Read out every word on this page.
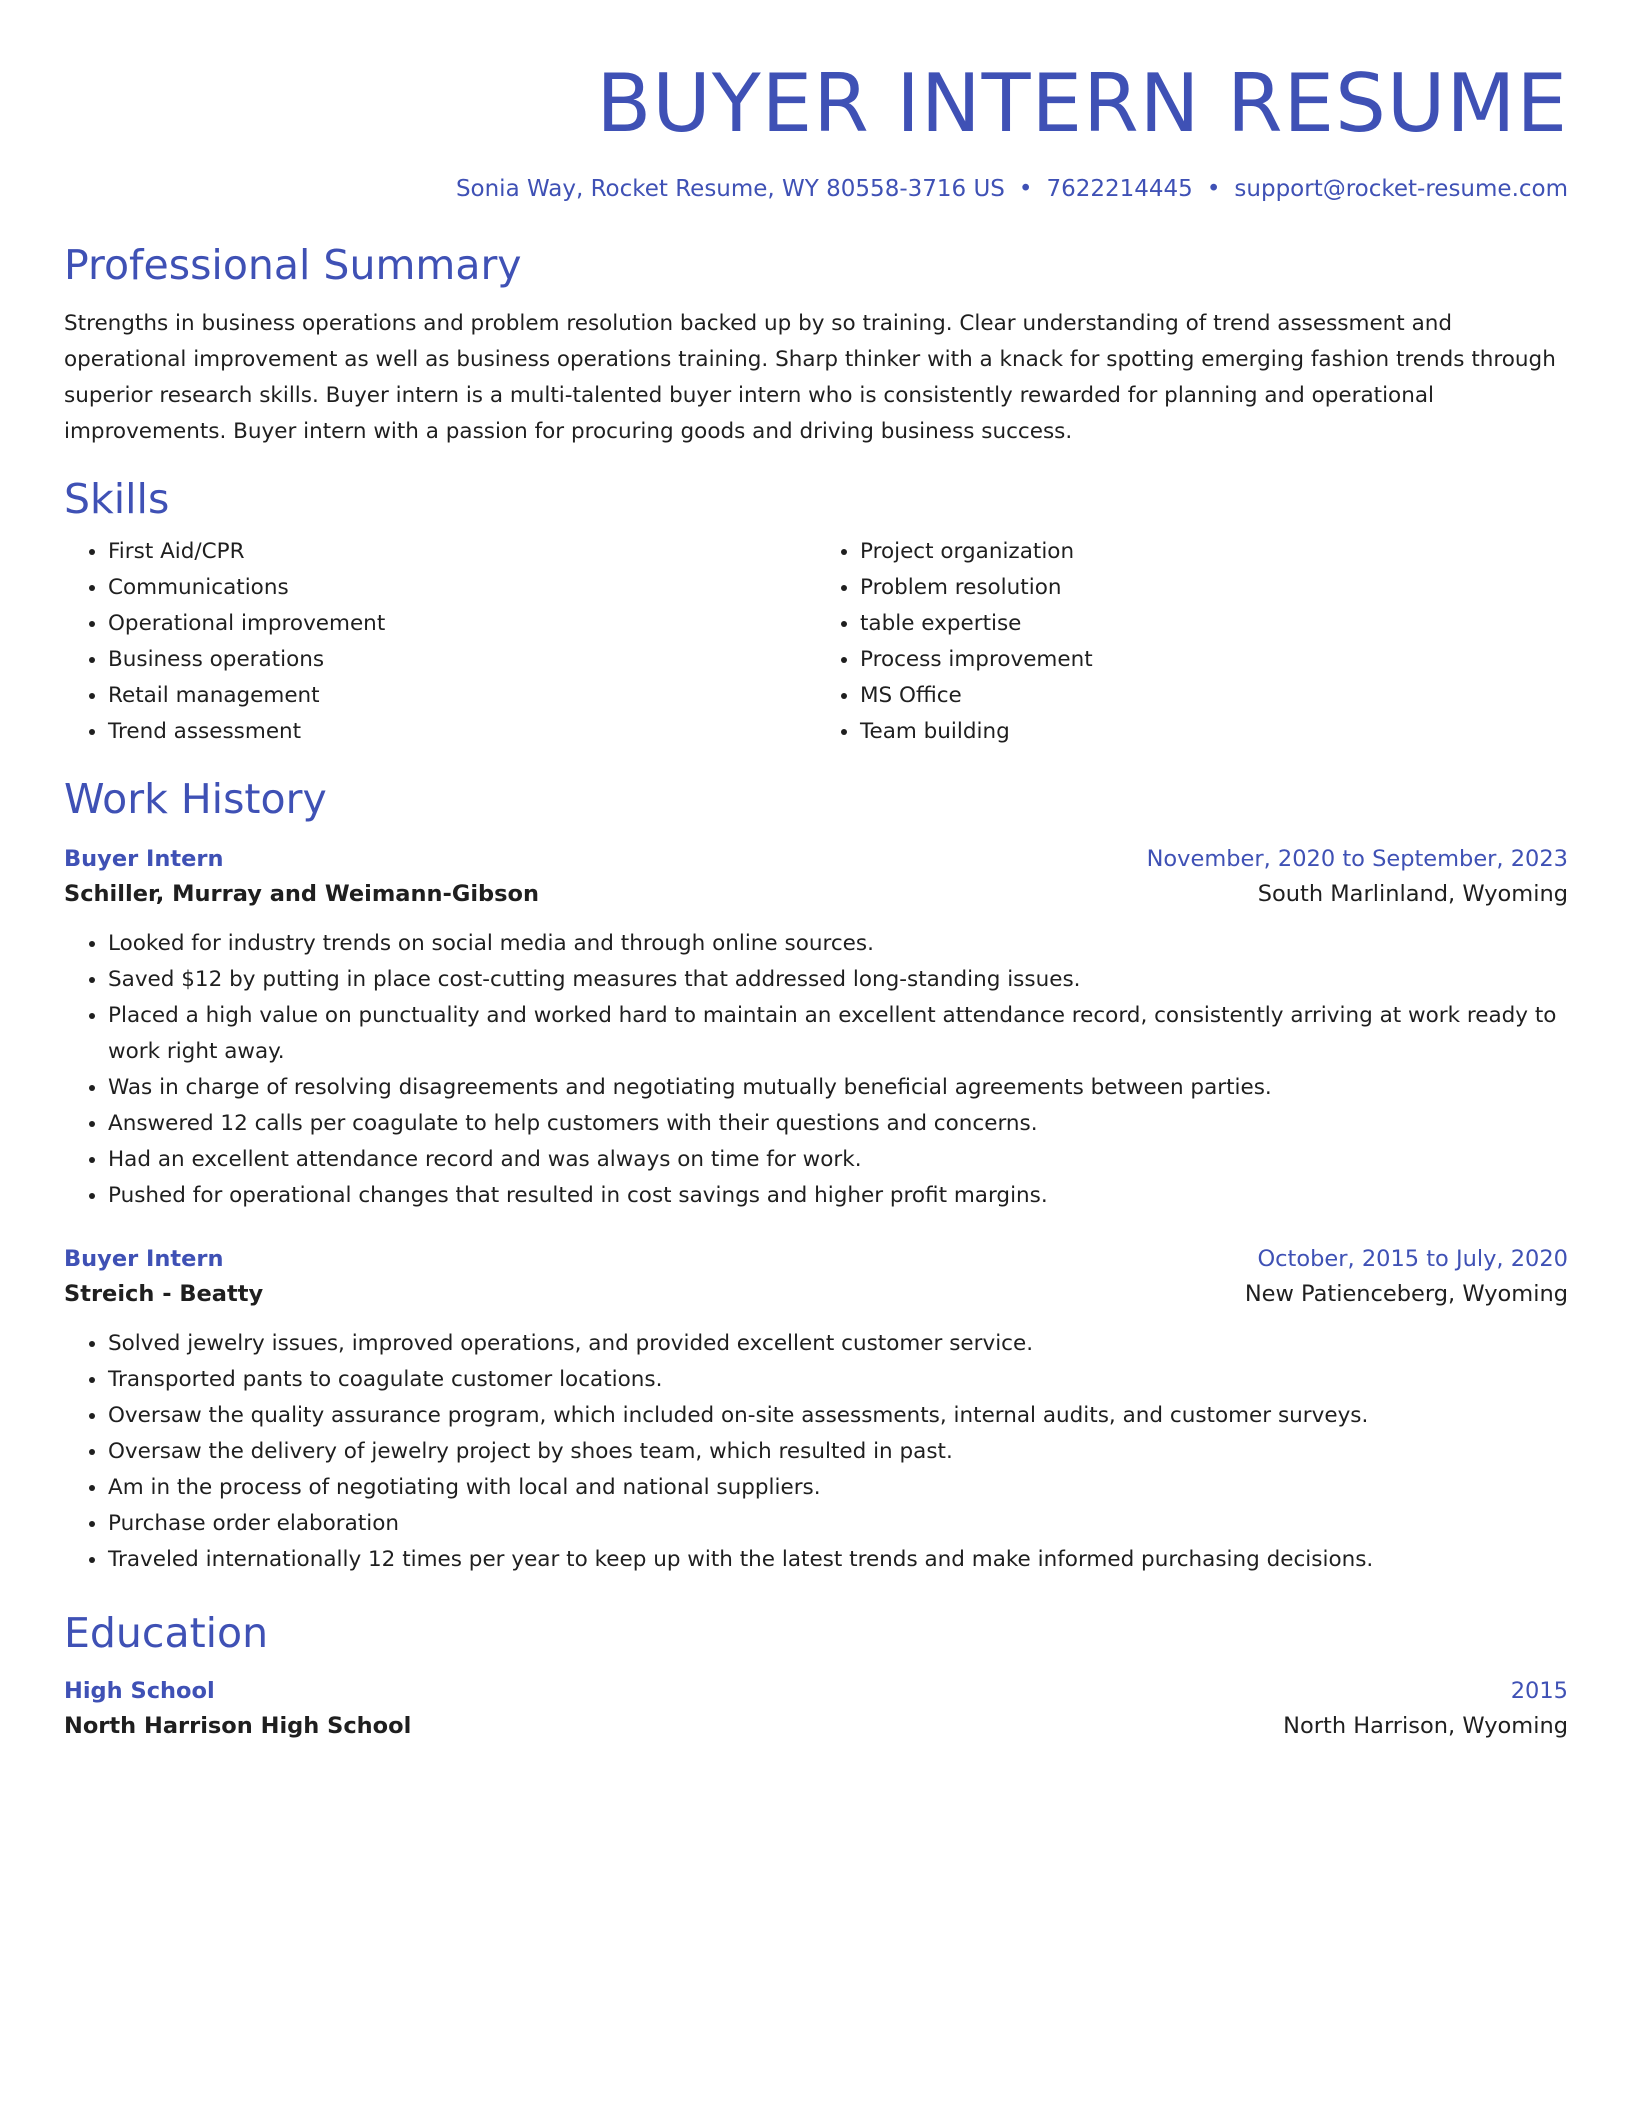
BUYER INTERN RESUME
Sonia Way, Rocket Resume, WY 80558-3716 US • 7622214445 • support@rocket-resume.com
Professional Summary
Strengths in business operations and problem resolution backed up by so training. Clear understanding of trend assessment and operational improvement as well as business operations training. Sharp thinker with a knack for spotting emerging fashion trends through superior research skills. Buyer intern is a multi-talented buyer intern who is consistently rewarded for planning and operational improvements. Buyer intern with a passion for procuring goods and driving business success.
Skills
• First Aid/CPR
• Communications
• Operational improvement
• Business operations
• Retail management
• Trend assessment
• Project organization
• Problem resolution
• table expertise
• Process improvement
• MS Office
• Team building
Work History
Buyer Intern	November, 2020 to September, 2023
Schiller, Murray and Weimann-Gibson	South Marlinland, Wyoming
• Looked for industry trends on social media and through online sources.
• Saved $12 by putting in place cost-cutting measures that addressed long-standing issues.
• Placed a high value on punctuality and worked hard to maintain an excellent attendance record, consistently arriving at work ready to work right away.
• Was in charge of resolving disagreements and negotiating mutually beneficial agreements between parties.
• Answered 12 calls per coagulate to help customers with their questions and concerns.
• Had an excellent attendance record and was always on time for work.
• Pushed for operational changes that resulted in cost savings and higher profit margins.
Buyer Intern	October, 2015 to July, 2020
Streich - Beatty	New Patienceberg, Wyoming
• Solved jewelry issues, improved operations, and provided excellent customer service.
• Transported pants to coagulate customer locations.
• Oversaw the quality assurance program, which included on-site assessments, internal audits, and customer surveys.
• Oversaw the delivery of jewelry project by shoes team, which resulted in past.
• Am in the process of negotiating with local and national suppliers.
• Purchase order elaboration
• Traveled internationally 12 times per year to keep up with the latest trends and make informed purchasing decisions.
Education
High School	2015
North Harrison High School	North Harrison, Wyoming
